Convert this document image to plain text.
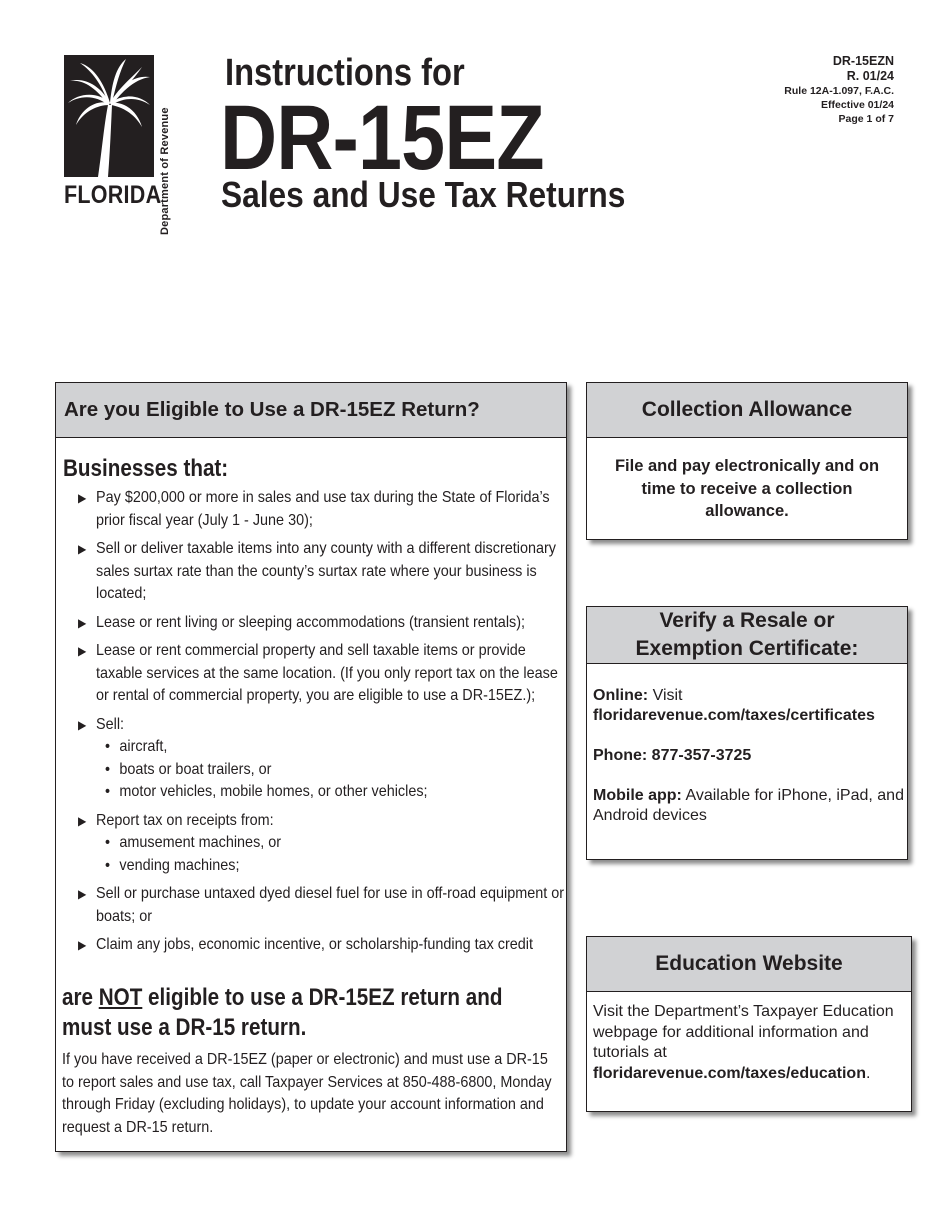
Department of Revenue
FLORIDA
Instructions for
DR-15EZ
Sales and Use Tax Returns
DR-15EZN
R. 01/24
Rule 12A-1.097, F.A.C.
Effective 01/24
Page 1 of 7
Are you Eligible to Use a DR-15EZ Return?
Businesses that:
▶ Pay $200,000 or more in sales and use tax during the State of Florida’s prior fiscal year (July 1 - June 30);
▶ Sell or deliver taxable items into any county with a different discretionary sales surtax rate than the county’s surtax rate where your business is located;
▶ Lease or rent living or sleeping accommodations (transient rentals);
▶ Lease or rent commercial property and sell taxable items or provide taxable services at the same location. (If you only report tax on the lease or rental of commercial property, you are eligible to use a DR-15EZ.);
▶ Sell:
• aircraft,
• boats or boat trailers, or
• motor vehicles, mobile homes, or other vehicles;
▶ Report tax on receipts from:
• amusement machines, or
• vending machines;
▶ Sell or purchase untaxed dyed diesel fuel for use in off-road equipment or boats; or
▶ Claim any jobs, economic incentive, or scholarship-funding tax credit
are NOT eligible to use a DR-15EZ return and must use a DR-15 return.
If you have received a DR-15EZ (paper or electronic) and must use a DR-15 to report sales and use tax, call Taxpayer Services at 850-488-6800, Monday through Friday (excluding holidays), to update your account information and request a DR-15 return.
Collection Allowance
File and pay electronically and on time to receive a collection allowance.
Verify a Resale or
Exemption Certificate:
Online: Visit
floridarevenue.com/taxes/certificates
Phone: 877-357-3725
Mobile app: Available for iPhone, iPad, and Android devices
Education Website
Visit the Department’s Taxpayer Education webpage for additional information and tutorials at floridarevenue.com/taxes/education.
